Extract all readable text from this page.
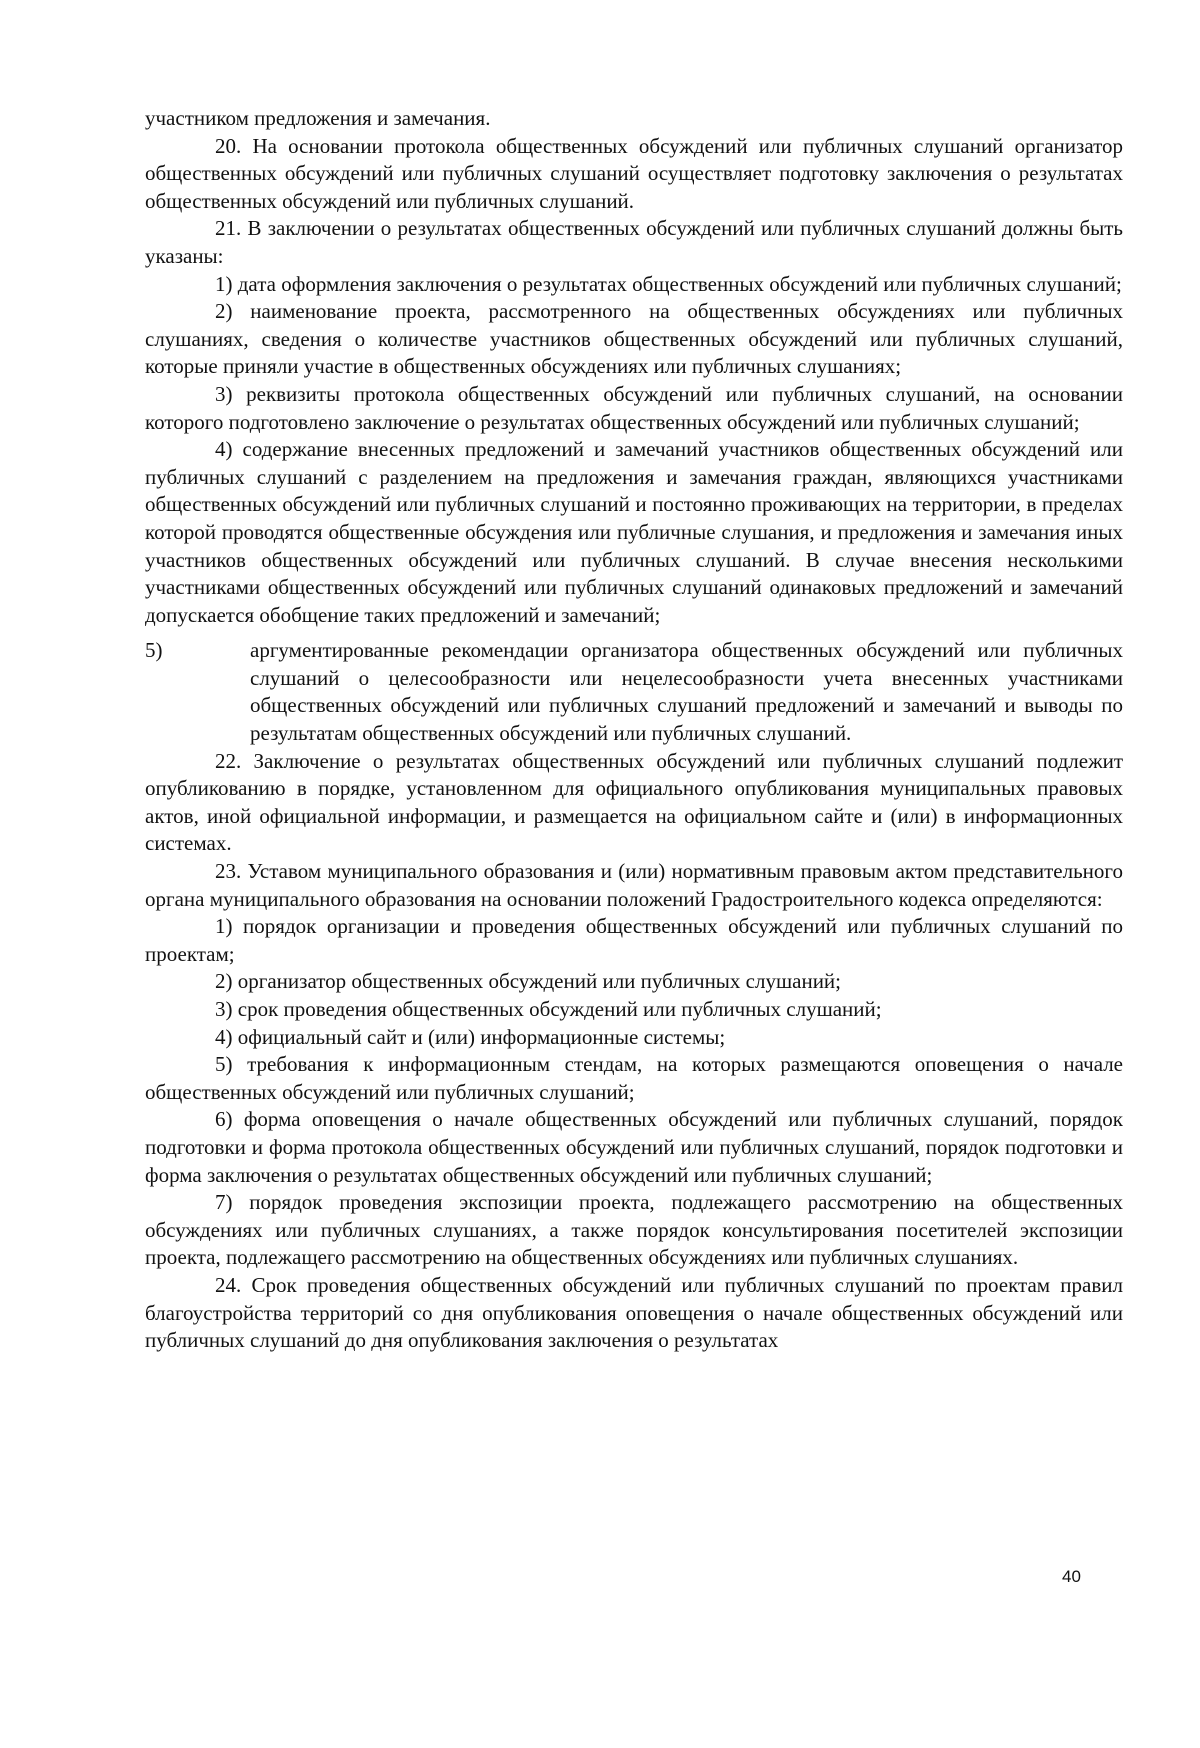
участником предложения и замечания.

20. На основании протокола общественных обсуждений или публичных слушаний организатор общественных обсуждений или публичных слушаний осуществляет подготовку заключения о результатах общественных обсуждений или публичных слушаний.

21. В заключении о результатах общественных обсуждений или публичных слушаний должны быть указаны:

1) дата оформления заключения о результатах общественных обсуждений или публичных слушаний;

2) наименование проекта, рассмотренного на общественных обсуждениях или публичных слушаниях, сведения о количестве участников общественных обсуждений или публичных слушаний, которые приняли участие в общественных обсуждениях или публичных слушаниях;

3) реквизиты протокола общественных обсуждений или публичных слушаний, на основании которого подготовлено заключение о результатах общественных обсуждений или публичных слушаний;

4) содержание внесенных предложений и замечаний участников общественных обсуждений или публичных слушаний с разделением на предложения и замечания граждан, являющихся участниками общественных обсуждений или публичных слушаний и постоянно проживающих на территории, в пределах которой проводятся общественные обсуждения или публичные слушания, и предложения и замечания иных участников общественных обсуждений или публичных слушаний. В случае внесения несколькими участниками общественных обсуждений или публичных слушаний одинаковых предложений и замечаний допускается обобщение таких предложений и замечаний;

5)	аргументированные рекомендации организатора общественных обсуждений или публичных слушаний о целесообразности или нецелесообразности учета внесенных участниками общественных обсуждений или публичных слушаний предложений и замечаний и выводы по результатам общественных обсуждений или публичных слушаний.

22. Заключение о результатах общественных обсуждений или публичных слушаний подлежит опубликованию в порядке, установленном для официального опубликования муниципальных правовых актов, иной официальной информации, и размещается на официальном сайте и (или) в информационных системах.

23. Уставом муниципального образования и (или) нормативным правовым актом представительного органа муниципального образования на основании положений Градостроительного кодекса определяются:

1) порядок организации и проведения общественных обсуждений или публичных слушаний по проектам;

2) организатор общественных обсуждений или публичных слушаний;

3) срок проведения общественных обсуждений или публичных слушаний;

4) официальный сайт и (или) информационные системы;

5) требования к информационным стендам, на которых размещаются оповещения о начале общественных обсуждений или публичных слушаний;

6) форма оповещения о начале общественных обсуждений или публичных слушаний, порядок подготовки и форма протокола общественных обсуждений или публичных слушаний, порядок подготовки и форма заключения о результатах общественных обсуждений или публичных слушаний;

7) порядок проведения экспозиции проекта, подлежащего рассмотрению на общественных обсуждениях или публичных слушаниях, а также порядок консультирования посетителей экспозиции проекта, подлежащего рассмотрению на общественных обсуждениях или публичных слушаниях.

24. Срок проведения общественных обсуждений или публичных слушаний по проектам правил благоустройства территорий со дня опубликования оповещения о начале общественных обсуждений или публичных слушаний до дня опубликования заключения о результатах

40
